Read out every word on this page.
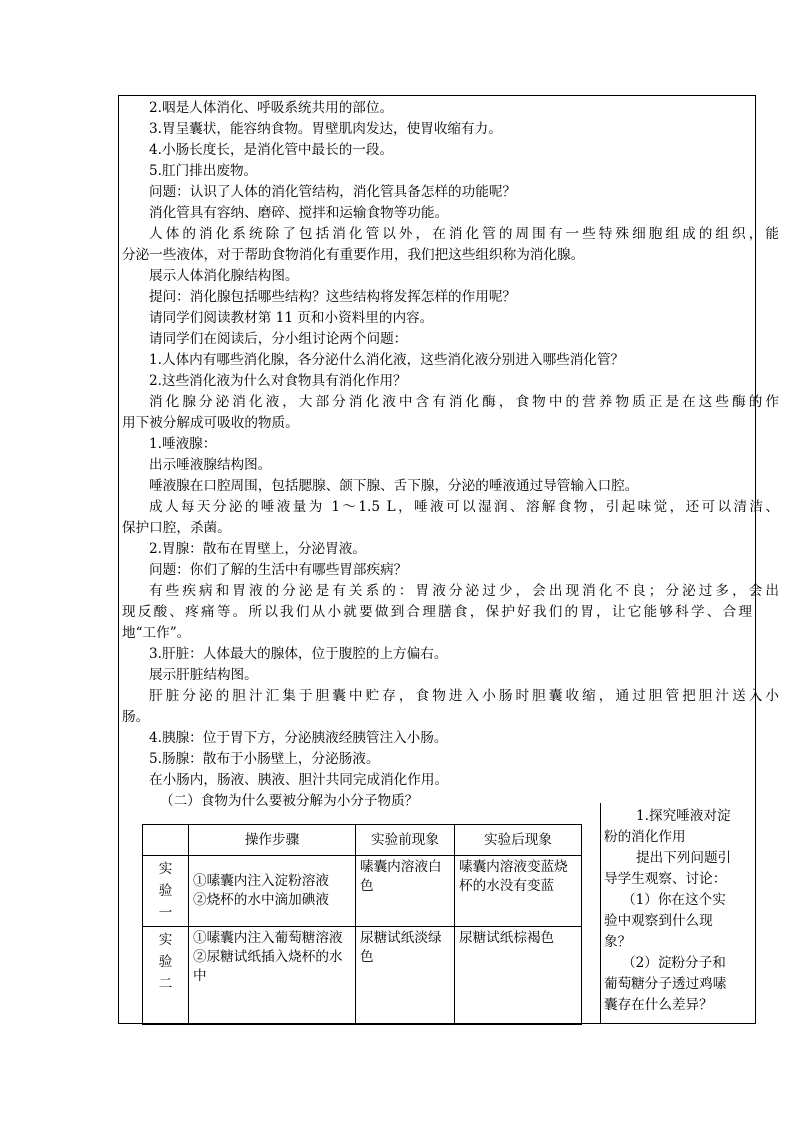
2.咽是人体消化、呼吸系统共用的部位。
3.胃呈囊状，能容纳食物。胃壁肌肉发达，使胃收缩有力。
4.小肠长度长，是消化管中最长的一段。
5.肛门排出废物。
问题：认识了人体的消化管结构，消化管具备怎样的功能呢？
消化管具有容纳、磨碎、搅拌和运输食物等功能。
人体的消化系统除了包括消化管以外，在消化管的周围有一些特殊细胞组成的组织，能
分泌一些液体，对于帮助食物消化有重要作用，我们把这些组织称为消化腺。
展示人体消化腺结构图。
提问：消化腺包括哪些结构？这些结构将发挥怎样的作用呢？
请同学们阅读教材第 11 页和小资料里的内容。
请同学们在阅读后，分小组讨论两个问题：
1.人体内有哪些消化腺，各分泌什么消化液，这些消化液分别进入哪些消化管？
2.这些消化液为什么对食物具有消化作用？
消化腺分泌消化液，大部分消化液中含有消化酶，食物中的营养物质正是在这些酶的作
用下被分解成可吸收的物质。
1.唾液腺：
出示唾液腺结构图。
唾液腺在口腔周围，包括腮腺、颌下腺、舌下腺，分泌的唾液通过导管输入口腔。
成人每天分泌的唾液量为 1～1.5 L，唾液可以湿润、溶解食物，引起味觉，还可以清洁、
保护口腔，杀菌。
2.胃腺：散布在胃壁上，分泌胃液。
问题：你们了解的生活中有哪些胃部疾病？
有些疾病和胃液的分泌是有关系的：胃液分泌过少，会出现消化不良；分泌过多，会出
现反酸、疼痛等。所以我们从小就要做到合理膳食，保护好我们的胃，让它能够科学、合理
地“工作”。
3.肝脏：人体最大的腺体，位于腹腔的上方偏右。
展示肝脏结构图。
肝脏分泌的胆汁汇集于胆囊中贮存，食物进入小肠时胆囊收缩，通过胆管把胆汁送入小
肠。
4.胰腺：位于胃下方，分泌胰液经胰管注入小肠。
5.肠腺：散布于小肠壁上，分泌肠液。
在小肠内，肠液、胰液、胆汁共同完成消化作用。
（二）食物为什么要被分解为小分子物质？
	操作步骤	实验前现象	实验后现象

实
验
一	①嗉囊内注入淀粉溶液
②烧杯的水中滴加碘液	嗉囊内溶液白色	嗉囊内溶液变蓝烧杯的水没有变蓝

实
验
二	①嗉囊内注入葡萄糖溶液
②尿糖试纸插入烧杯的水中	尿糖试纸淡绿色	尿糖试纸棕褐色
1.探究唾液对淀
粉的消化作用
提出下列问题引
导学生观察、讨论：
（1）你在这个实
验中观察到什么现
象？
（2）淀粉分子和
葡萄糖分子透过鸡嗉
囊存在什么差异？
